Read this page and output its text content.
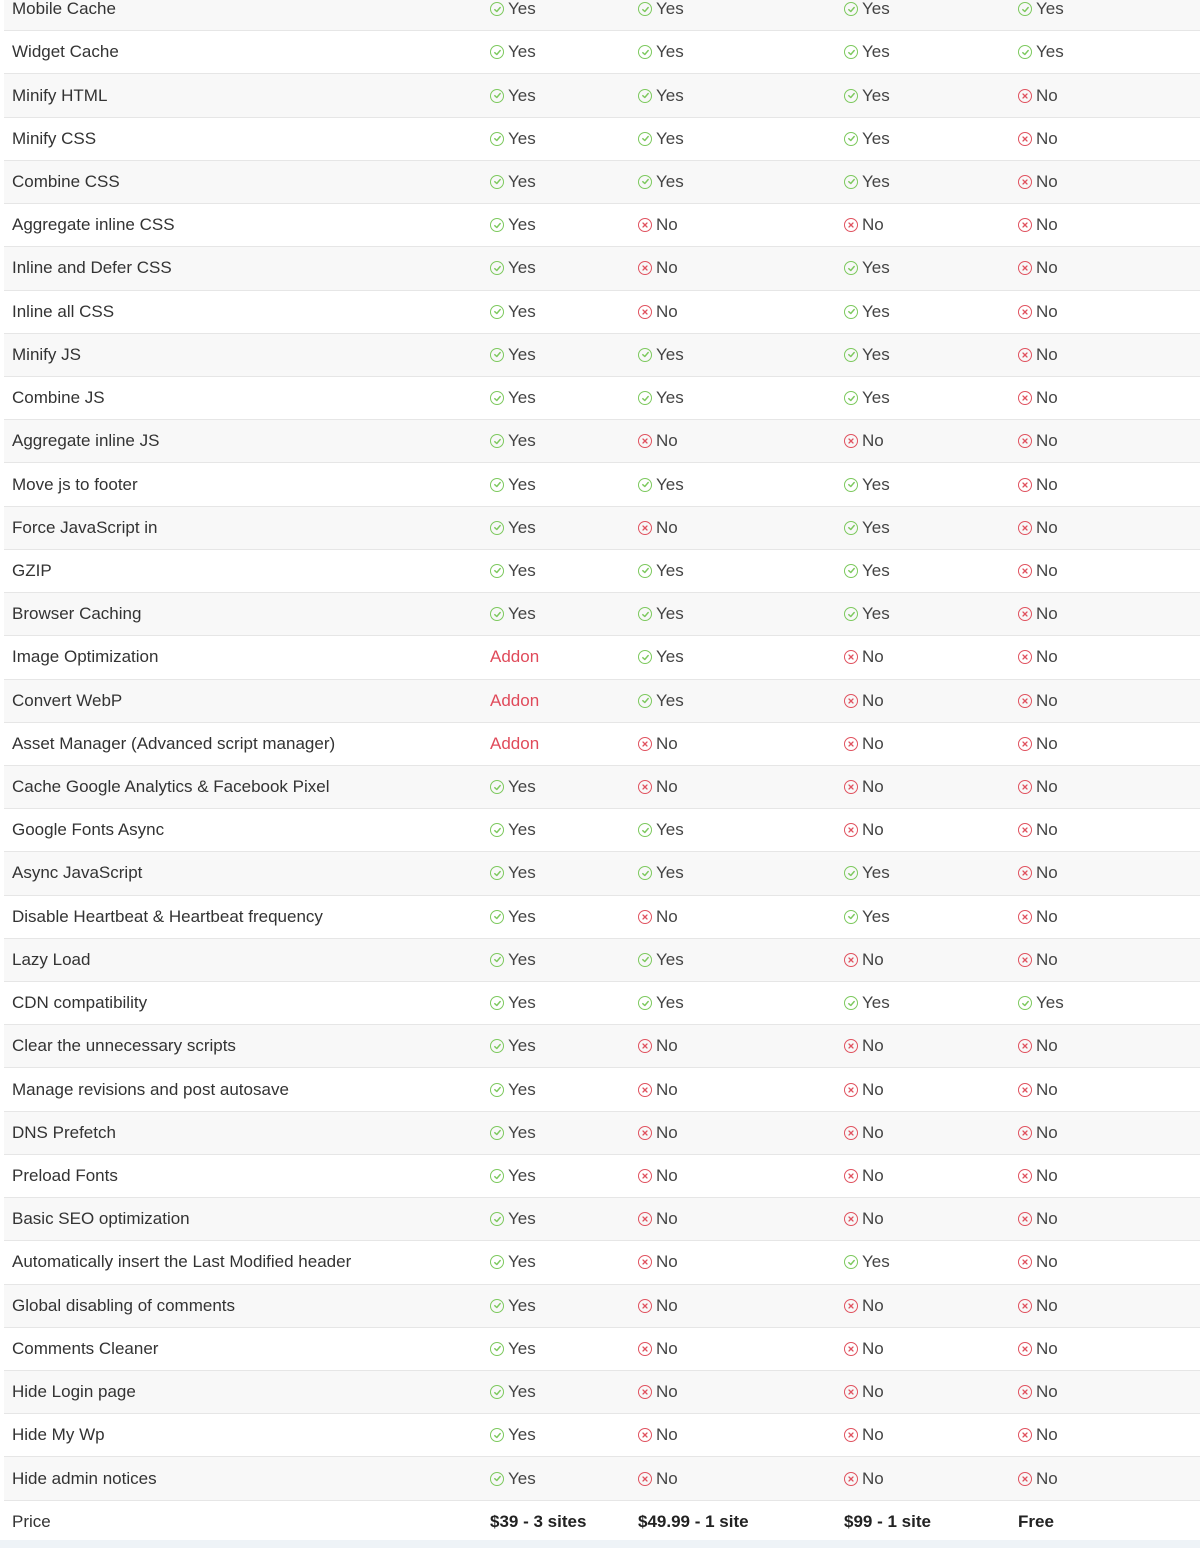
Mobile Cache	Yes	Yes	Yes	Yes
Widget Cache	Yes	Yes	Yes	Yes
Minify HTML	Yes	Yes	Yes	No
Minify CSS	Yes	Yes	Yes	No
Combine CSS	Yes	Yes	Yes	No
Aggregate inline CSS	Yes	No	No	No
Inline and Defer CSS	Yes	No	Yes	No
Inline all CSS	Yes	No	Yes	No
Minify JS	Yes	Yes	Yes	No
Combine JS	Yes	Yes	Yes	No
Aggregate inline JS	Yes	No	No	No
Move js to footer	Yes	Yes	Yes	No
Force JavaScript in	Yes	No	Yes	No
GZIP	Yes	Yes	Yes	No
Browser Caching	Yes	Yes	Yes	No
Image Optimization	Addon	Yes	No	No
Convert WebP	Addon	Yes	No	No
Asset Manager (Advanced script manager)	Addon	No	No	No
Cache Google Analytics & Facebook Pixel	Yes	No	No	No
Google Fonts Async	Yes	Yes	No	No
Async JavaScript	Yes	Yes	Yes	No
Disable Heartbeat & Heartbeat frequency	Yes	No	Yes	No
Lazy Load	Yes	Yes	No	No
CDN compatibility	Yes	Yes	Yes	Yes
Clear the unnecessary scripts	Yes	No	No	No
Manage revisions and post autosave	Yes	No	No	No
DNS Prefetch	Yes	No	No	No
Preload Fonts	Yes	No	No	No
Basic SEO optimization	Yes	No	No	No
Automatically insert the Last Modified header	Yes	No	Yes	No
Global disabling of comments	Yes	No	No	No
Comments Cleaner	Yes	No	No	No
Hide Login page	Yes	No	No	No
Hide My Wp	Yes	No	No	No
Hide admin notices	Yes	No	No	No
Price	$39 - 3 sites	$49.99 - 1 site	$99 - 1 site	Free
